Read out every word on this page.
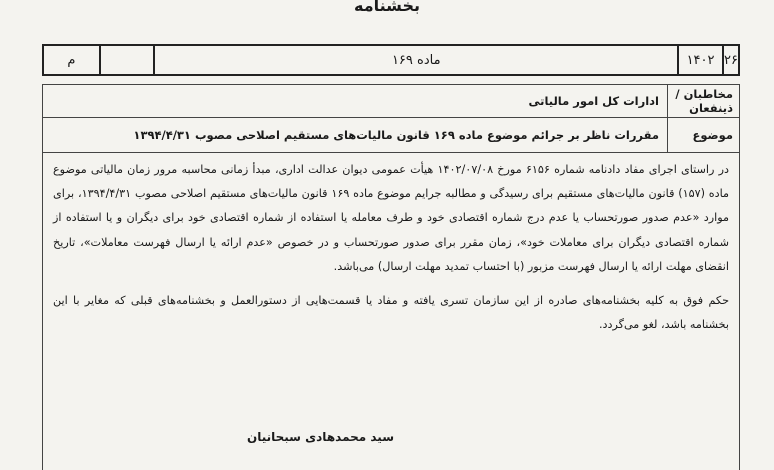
بخشنامه
م	ماده ۱۶۹	۱۴۰۲ ۲۶
مخاطبان / ذینفعان
ادارات کل امور مالیاتی
موضوع
مقررات ناظر بر جرائم موضوع ماده ۱۶۹ قانون مالیات‌های مستقیم اصلاحی مصوب ۱۳۹۴/۴/۳۱

در راستای اجرای مفاد دادنامه شماره ۶۱۵۶ مورخ ۱۴۰۲/۰۷/۰۸ هیأت عمومی دیوان عدالت اداری، مبدأ زمانی محاسبه مرور زمان مالیاتی موضوع ماده (۱۵۷) قانون مالیات‌های مستقیم برای رسیدگی و مطالبه جرایم موضوع ماده ۱۶۹ قانون مالیات‌های مستقیم اصلاحی مصوب ۱۳۹۴/۴/۳۱، برای موارد «عدم صدور صورتحساب یا عدم درج شماره اقتصادی خود و طرف معامله یا استفاده از شماره اقتصادی خود برای دیگران و یا استفاده از شماره اقتصادی دیگران برای معاملات خود»، زمان مقرر برای صدور صورتحساب و در خصوص «عدم ارائه یا ارسال فهرست معاملات»، تاریخ انقضای مهلت ارائه یا ارسال فهرست مزبور (با احتساب تمدید مهلت ارسال) می‌باشد.

حکم فوق به کلیه بخشنامه‌های صادره از این سازمان تسری یافته و مفاد یا قسمت‌هایی از دستورالعمل و بخشنامه‌های قبلی که مغایر با این بخشنامه باشد، لغو می‌گردد.

سید محمدهادی سبحانیان
